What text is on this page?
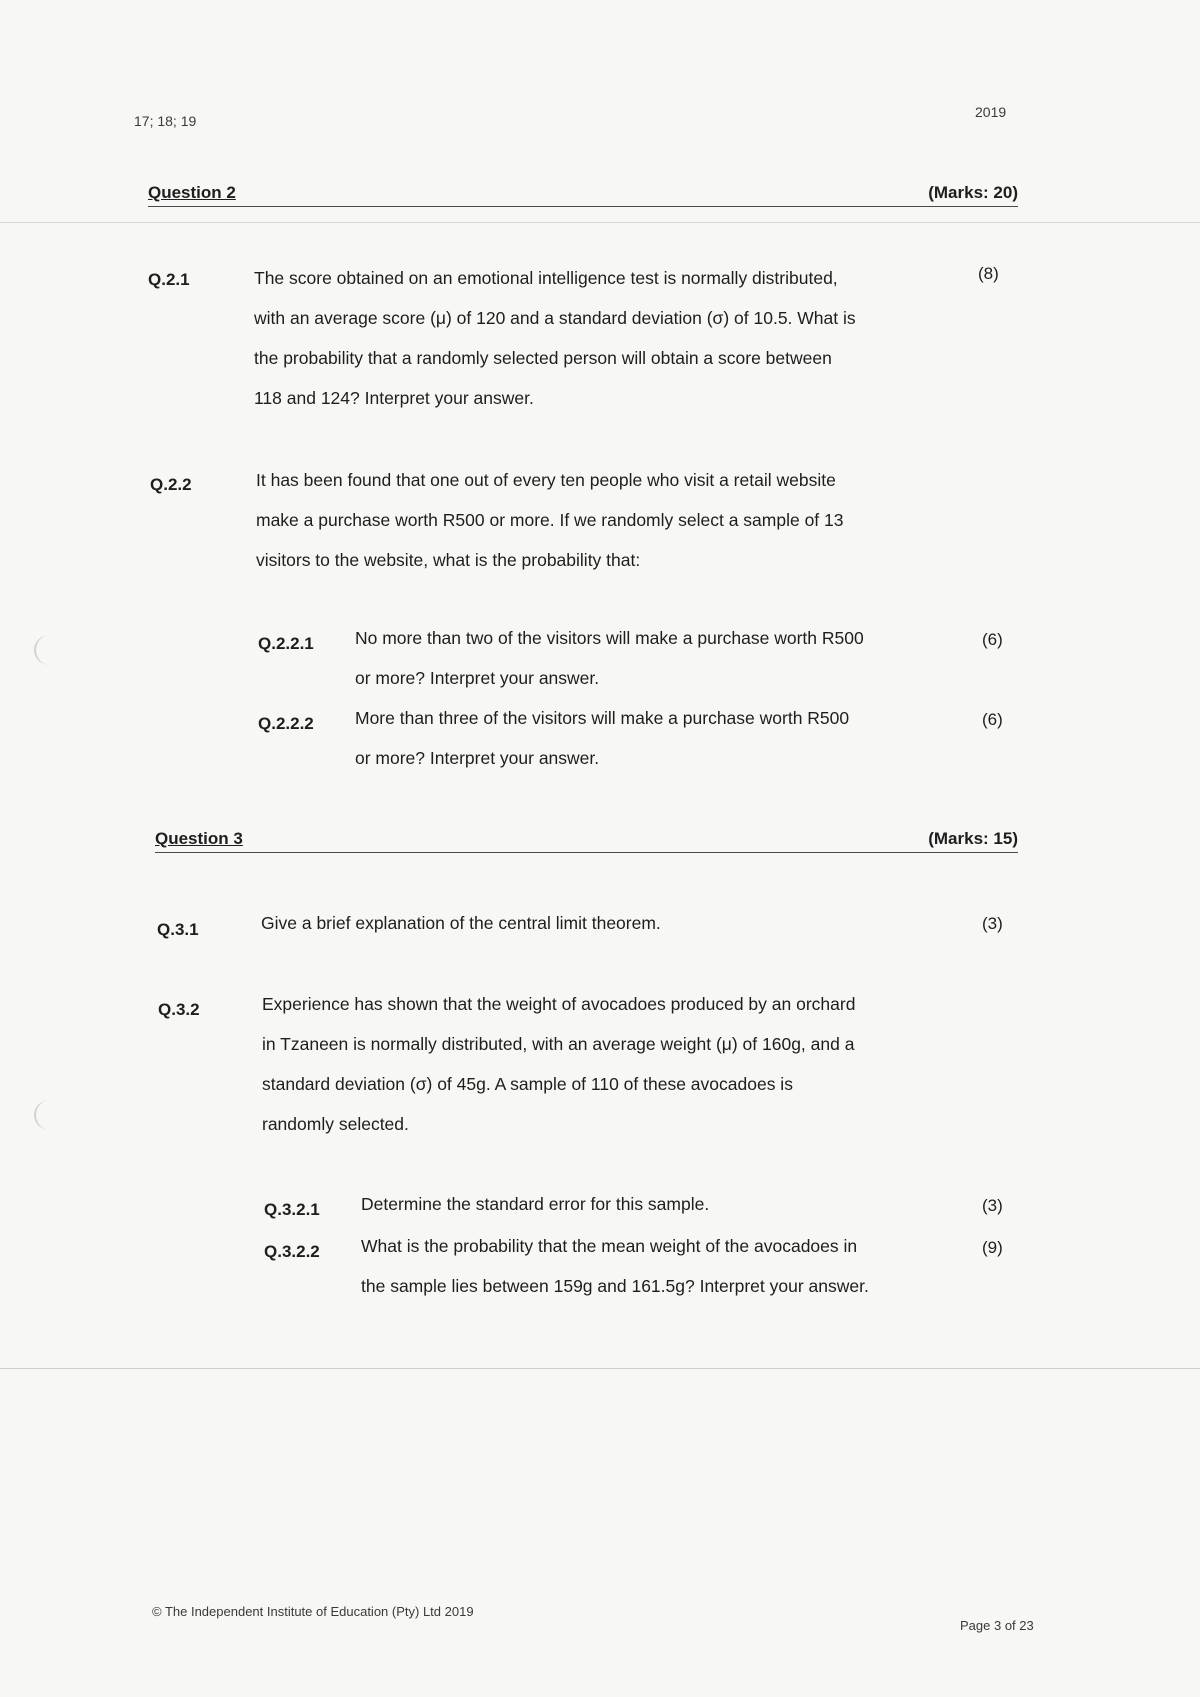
17; 18; 19
2019
Question 2	(Marks: 20)
Q.2.1	The score obtained on an emotional intelligence test is normally distributed,
with an average score (μ) of 120 and a standard deviation (σ) of 10.5. What is
the probability that a randomly selected person will obtain a score between
118 and 124? Interpret your answer.
(8)
Q.2.2	It has been found that one out of every ten people who visit a retail website
make a purchase worth R500 or more. If we randomly select a sample of 13
visitors to the website, what is the probability that:
Q.2.2.1 No more than two of the visitors will make a purchase worth R500
or more? Interpret your answer.
(6)
Q.2.2.2 More than three of the visitors will make a purchase worth R500
or more? Interpret your answer.
(6)
Question 3	(Marks: 15)
Q.3.1	Give a brief explanation of the central limit theorem.	(3)
Q.3.2	Experience has shown that the weight of avocadoes produced by an orchard
in Tzaneen is normally distributed, with an average weight (μ) of 160g, and a
standard deviation (σ) of 45g. A sample of 110 of these avocadoes is
randomly selected.
Q.3.2.1 Determine the standard error for this sample.	(3)
Q.3.2.2 What is the probability that the mean weight of the avocadoes in
the sample lies between 159g and 161.5g? Interpret your answer.
(9)
© The Independent Institute of Education (Pty) Ltd 2019
Page 3 of 23
